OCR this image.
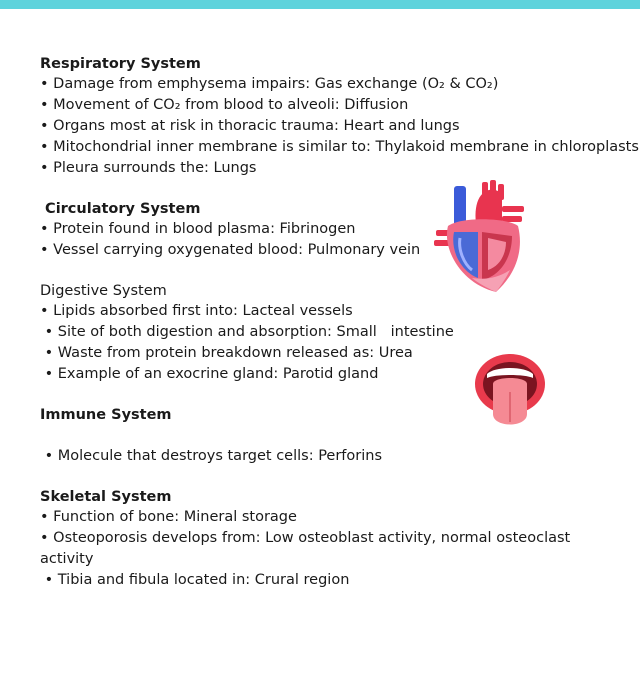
Respiratory System

• Damage from emphysema impairs: Gas exchange (O₂ & CO₂)

• Movement of CO₂ from blood to alveoli: Diffusion

• Organs most at risk in thoracic trauma: Heart and lungs

• Mitochondrial inner membrane is similar to: Thylakoid membrane in chloroplasts

• Pleura surrounds the: Lungs

Circulatory System

• Protein found in blood plasma: Fibrinogen

• Vessel carrying oxygenated blood: Pulmonary vein

Digestive System

• Lipids absorbed first into: Lacteal vessels

• Site of both digestion and absorption: Small   intestine

• Waste from protein breakdown released as: Urea

• Example of an exocrine gland: Parotid gland

Immune System

• Molecule that destroys target cells: Perforins

Skeletal System

• Function of bone: Mineral storage

• Osteoporosis develops from: Low osteoblast activity, normal osteoclast activity

• Tibia and fibula located in: Crural region
